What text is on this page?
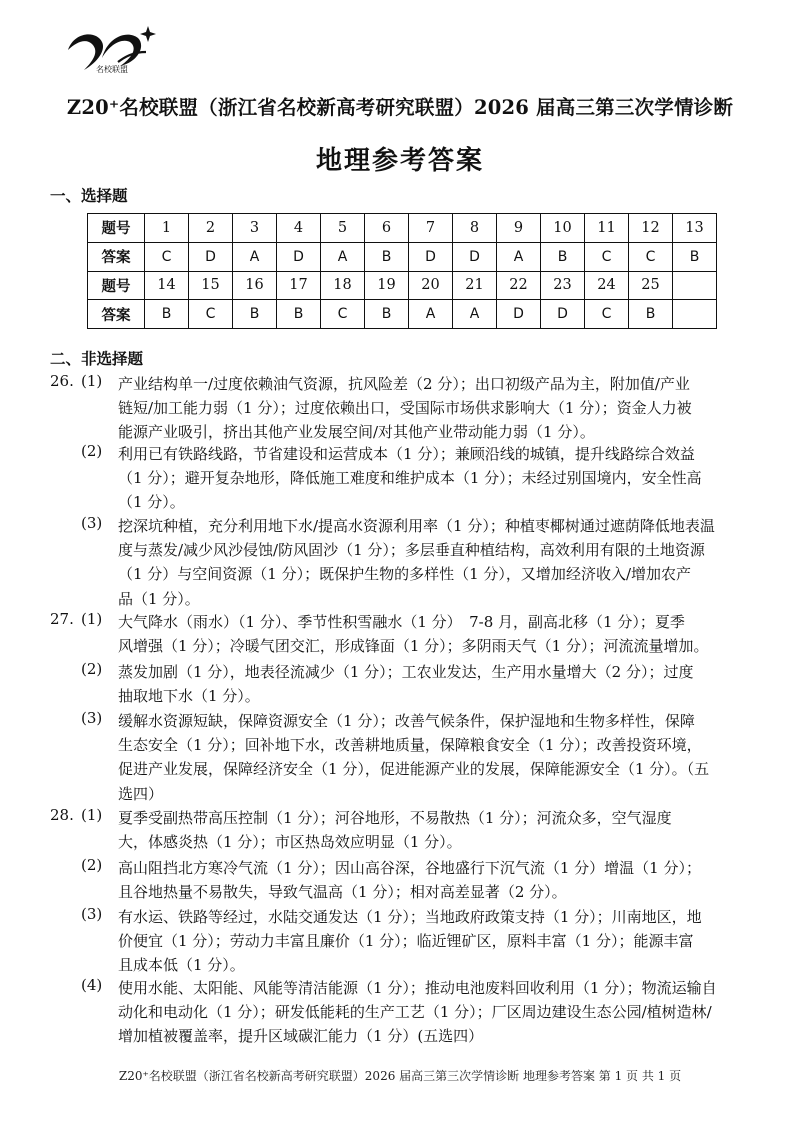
名校联盟
Z20⁺名校联盟（浙江省名校新高考研究联盟）2026 届高三第三次学情诊断
地理参考答案
一、选择题
题号	1	2	3	4	5	6	7	8	9	10	11	12	13
答案	C	D	A	D	A	B	D	D	A	B	C	C	B
题号	14	15	16	17	18	19	20	21	22	23	24	25	
答案	B	C	B	B	C	B	A	A	D	D	C	B	
二、非选择题
26. (1) 产业结构单一/过度依赖油气资源，抗风险差（2 分）；出口初级产品为主，附加值/产业
链短/加工能力弱（1 分）；过度依赖出口，受国际市场供求影响大（1 分）；资金人力被
能源产业吸引，挤出其他产业发展空间/对其他产业带动能力弱（1 分）。
(2) 利用已有铁路线路，节省建设和运营成本（1 分）；兼顾沿线的城镇，提升线路综合效益
（1 分）；避开复杂地形，降低施工难度和维护成本（1 分）；未经过别国境内，安全性高
（1 分）。
(3) 挖深坑种植，充分利用地下水/提高水资源利用率（1 分）；种植枣椰树通过遮荫降低地表温
度与蒸发/减少风沙侵蚀/防风固沙（1 分）；多层垂直种植结构，高效利用有限的土地资源
（1 分）与空间资源（1 分）；既保护生物的多样性（1 分），又增加经济收入/增加农产
品（1 分）。
27. (1) 大气降水（雨水）（1 分）、季节性积雪融水（1 分）　7-8 月，副高北移（1 分）；夏季
风增强（1 分）；冷暖气团交汇，形成锋面（1 分）；多阴雨天气（1 分）；河流流量增加。
(2) 蒸发加剧（1 分），地表径流减少（1 分）；工农业发达，生产用水量增大（2 分）；过度
抽取地下水（1 分）。
(3) 缓解水资源短缺，保障资源安全（1 分）；改善气候条件，保护湿地和生物多样性，保障
生态安全（1 分）；回补地下水，改善耕地质量，保障粮食安全（1 分）；改善投资环境，
促进产业发展，保障经济安全（1 分），促进能源产业的发展，保障能源安全（1 分）。（五
选四）
28. (1) 夏季受副热带高压控制（1 分）；河谷地形，不易散热（1 分）；河流众多，空气湿度
大，体感炎热（1 分）；市区热岛效应明显（1 分）。
(2) 高山阻挡北方寒冷气流（1 分）；因山高谷深，谷地盛行下沉气流（1 分）增温（1 分）；
且谷地热量不易散失，导致气温高（1 分）；相对高差显著（2 分）。
(3) 有水运、铁路等经过，水陆交通发达（1 分）；当地政府政策支持（1 分）；川南地区，地
价便宜（1 分）；劳动力丰富且廉价（1 分）；临近锂矿区，原料丰富（1 分）；能源丰富
且成本低（1 分）。
(4) 使用水能、太阳能、风能等清洁能源（1 分）；推动电池废料回收利用（1 分）；物流运输自
动化和电动化（1 分）；研发低能耗的生产工艺（1 分）；厂区周边建设生态公园/植树造林/
增加植被覆盖率，提升区域碳汇能力（1 分）(五选四）
Z20⁺名校联盟（浙江省名校新高考研究联盟）2026 届高三第三次学情诊断 地理参考答案 第 1 页 共 1 页
